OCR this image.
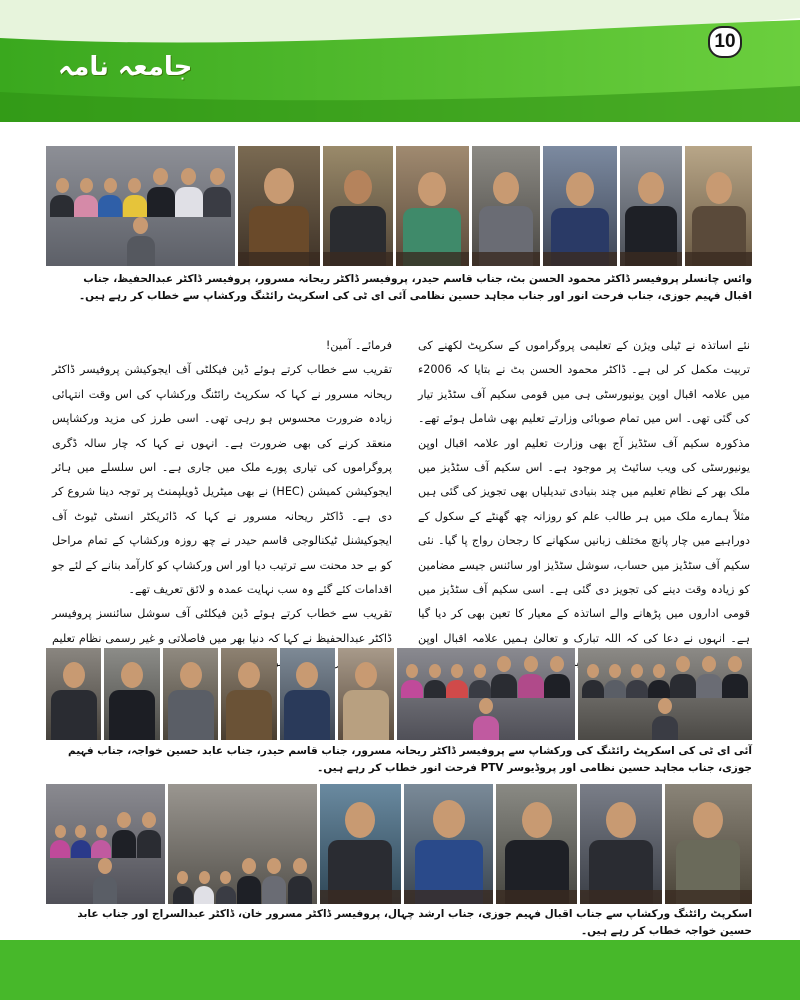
جامعہ نامہ
10
وائس چانسلر پروفیسر ڈاکٹر محمود الحسن بٹ، جناب قاسم حیدر، پروفیسر ڈاکٹر ریحانہ مسرور، پروفیسر ڈاکٹر عبدالحفیظ، جناب اقبال فہیم جوزی، جناب فرحت انور اور جناب مجاہد حسین نظامی آئی ای ٹی کی اسکرپٹ رائٹنگ ورکشاپ سے خطاب کر رہے ہیں۔

نئے اساتذہ نے ٹیلی ویژن کے تعلیمی پروگراموں کے سکرپٹ لکھنے کی تربیت مکمل کر لی ہے۔ ڈاکٹر محمود الحسن بٹ نے بتایا کہ 2006ء میں علامہ اقبال اوپن یونیورسٹی ہی میں قومی سکیم آف سٹڈیز تیار کی گئی تھی۔ اس میں تمام صوبائی وزارتے تعلیم بھی شامل ہوئے تھے۔ مذکورہ سکیم آف سٹڈیز آج بھی وزارت تعلیم اور علامہ اقبال اوپن یونیورسٹی کی ویب سائیٹ پر موجود ہے۔ اس سکیم آف سٹڈیز میں ملک بھر کے نظام تعلیم میں چند بنیادی تبدیلیاں بھی تجویز کی گئی ہیں مثلاً ہمارے ملک میں ہر طالب علم کو روزانہ چھ گھنٹے کے سکول کے دوراہیے میں چار پانچ مختلف زبانیں سکھانے کا رجحان رواج پا گیا۔ نئی سکیم آف سٹڈیز میں حساب، سوشل سٹڈیز اور سائنس جیسے مضامین کو زیادہ وقت دینے کی تجویز دی گئی ہے۔ اسی سکیم آف سٹڈیز میں قومی اداروں میں پڑھانے والے اساتذہ کے معیار کا تعین بھی کر دیا گیا ہے۔ انہوں نے دعا کی کہ اللہ تبارک و تعالیٰ ہمیں علامہ اقبال اوپن

فرمائے۔ آمین!

تقریب سے خطاب کرتے ہوئے ڈین فیکلٹی آف ایجوکیشن پروفیسر ڈاکٹر ریحانہ مسرور نے کہا کہ سکرپٹ رائٹنگ ورکشاپ کی اس وقت انتہائی زیادہ ضرورت محسوس ہو رہی تھی۔ اسی طرز کی مزید ورکشاپس منعقد کرنے کی بھی ضرورت ہے۔ انہوں نے کہا کہ چار سالہ ڈگری پروگراموں کی تیاری پورے ملک میں جاری ہے۔ اس سلسلے میں ہائر ایجوکیشن کمیشن (HEC) نے بھی میٹریل ڈویلپمنٹ پر توجہ دینا شروع کر دی ہے۔ ڈاکٹر ریحانہ مسرور نے کہا کہ ڈائریکٹر انسٹی ٹیوٹ آف ایجوکیشنل ٹیکنالوجی قاسم حیدر نے چھ روزہ ورکشاپ کے تمام مراحل کو بے حد محنت سے ترتیب دیا اور اس ورکشاپ کو کارآمد بنانے کے لئے جو اقدامات کئے گئے وہ سب نہایت عمدہ و لائق تعریف تھے۔

تقریب سے خطاب کرتے ہوئے ڈین فیکلٹی آف سوشل سائنسز پروفیسر ڈاکٹر عبدالحفیظ نے کہا کہ دنیا بھر میں فاصلاتی و غیر رسمی نظام تعلیم

آئی ای ٹی کی اسکرپٹ رائٹنگ کی ورکشاپ سے پروفیسر ڈاکٹر ریحانہ مسرور، جناب قاسم حیدر، جناب عابد حسین خواجہ، جناب فہیم جوزی، جناب مجاہد حسین نظامی اور پروڈیوسر PTV فرحت انور خطاب کر رہے ہیں۔
اسکرپٹ رائٹنگ ورکشاپ سے جناب اقبال فہیم جوزی، جناب ارشد چہال، پروفیسر ڈاکٹر مسرور خان، ڈاکٹر عبدالسراج اور جناب عابد حسین خواجہ خطاب کر رہے ہیں۔
